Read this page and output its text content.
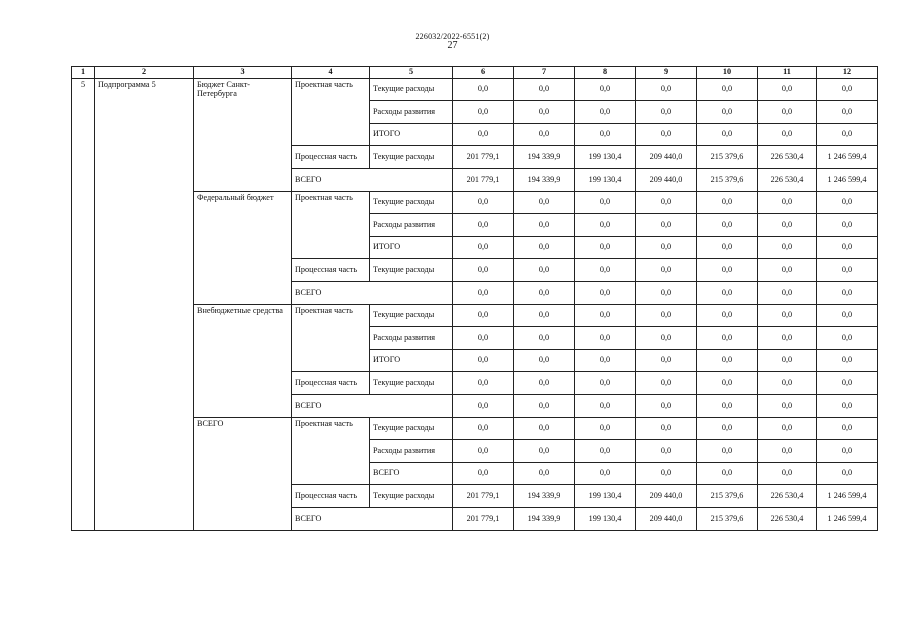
226032/2022-6551(2)
27
1	2	3	4	5	6	7	8	9	10	11	12
5	Подпрограмма 5	Бюджет Санкт-Петербурга	Проектная часть	Текущие расходы	0,0	0,0	0,0	0,0	0,0	0,0	0,0
				Расходы развития	0,0	0,0	0,0	0,0	0,0	0,0	0,0
				ИТОГО	0,0	0,0	0,0	0,0	0,0	0,0	0,0
			Процессная часть	Текущие расходы	201 779,1	194 339,9	199 130,4	209 440,0	215 379,6	226 530,4	1 246 599,4
			ВСЕГО		201 779,1	194 339,9	199 130,4	209 440,0	215 379,6	226 530,4	1 246 599,4
		Федеральный бюджет	Проектная часть	Текущие расходы	0,0	0,0	0,0	0,0	0,0	0,0	0,0
				Расходы развития	0,0	0,0	0,0	0,0	0,0	0,0	0,0
				ИТОГО	0,0	0,0	0,0	0,0	0,0	0,0	0,0
			Процессная часть	Текущие расходы	0,0	0,0	0,0	0,0	0,0	0,0	0,0
			ВСЕГО		0,0	0,0	0,0	0,0	0,0	0,0	0,0
		Внебюджетные средства	Проектная часть	Текущие расходы	0,0	0,0	0,0	0,0	0,0	0,0	0,0
				Расходы развития	0,0	0,0	0,0	0,0	0,0	0,0	0,0
				ИТОГО	0,0	0,0	0,0	0,0	0,0	0,0	0,0
			Процессная часть	Текущие расходы	0,0	0,0	0,0	0,0	0,0	0,0	0,0
			ВСЕГО		0,0	0,0	0,0	0,0	0,0	0,0	0,0
		ВСЕГО	Проектная часть	Текущие расходы	0,0	0,0	0,0	0,0	0,0	0,0	0,0
				Расходы развития	0,0	0,0	0,0	0,0	0,0	0,0	0,0
				ВСЕГО	0,0	0,0	0,0	0,0	0,0	0,0	0,0
			Процессная часть	Текущие расходы	201 779,1	194 339,9	199 130,4	209 440,0	215 379,6	226 530,4	1 246 599,4
			ВСЕГО		201 779,1	194 339,9	199 130,4	209 440,0	215 379,6	226 530,4	1 246 599,4
